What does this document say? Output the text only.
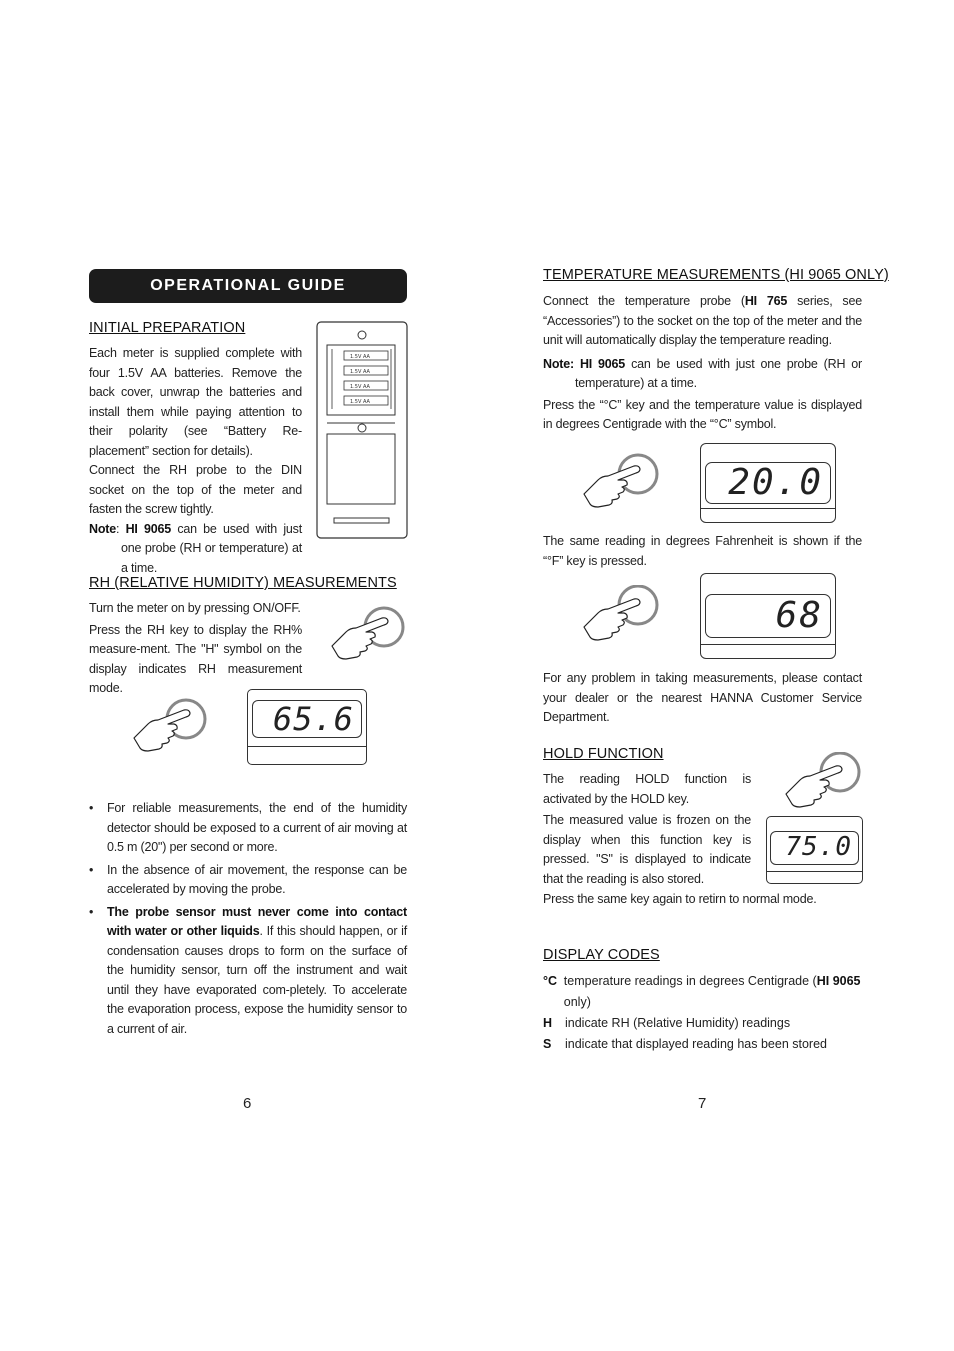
OPERATIONAL GUIDE
INITIAL PREPARATION
Each meter is supplied complete with four 1.5V AA batteries. Remove the back cover, unwrap the batteries and install them while paying attention to their polarity (see “Battery Re-placement” section for details).
Connect the RH probe to the DIN socket on the top of the meter and fasten the screw tightly.
Note: HI 9065 can be used with just one probe (RH or temperature) at a time.
1.5V AA
1.5V AA
1.5V AA
1.5V AA
RH (RELATIVE HUMIDITY) MEASUREMENTS
Turn the meter on by pressing ON/OFF.
Press the RH key to display the RH% measure-ment. The "H" symbol on the display indicates RH measurement mode.
65.6
• For reliable measurements, the end of the humidity detector should be exposed to a current of air moving at 0.5 m (20") per second or more.
• In the absence of air movement, the response can be accelerated by moving the probe.
• The probe sensor must never come into contact with water or other liquids. If this should happen, or if condensation causes drops to form on the surface of the humidity sensor, turn off the instrument and wait until they have evaporated com-pletely. To accelerate the evaporation process, expose the humidity sensor to a current of air.
6
TEMPERATURE MEASUREMENTS (HI 9065 ONLY)
Connect the temperature probe (HI 765 series, see “Accessories”) to the socket on the top of the meter and the unit will automatically display the temperature reading.
Note: HI 9065 can be used with just one probe (RH or temperature) at a time.
Press the “°C” key and the temperature value is displayed in degrees Centigrade with the “°C” symbol.
20.0
The same reading in degrees Fahrenheit is shown if the “°F” key is pressed.
68
For any problem in taking measurements, please contact your dealer or the nearest HANNA Customer Service Department.
HOLD FUNCTION
The reading HOLD function is activated by the HOLD key.
The measured value is frozen on the display when this function key is pressed. "S" is displayed to indicate that the reading is also stored.
Press the same key again to retirn to normal mode.
75.0
DISPLAY CODES
°C temperature readings in degrees Centigrade (HI 9065 only)
H	indicate RH (Relative Humidity) readings
S	indicate that displayed reading has been stored
7
